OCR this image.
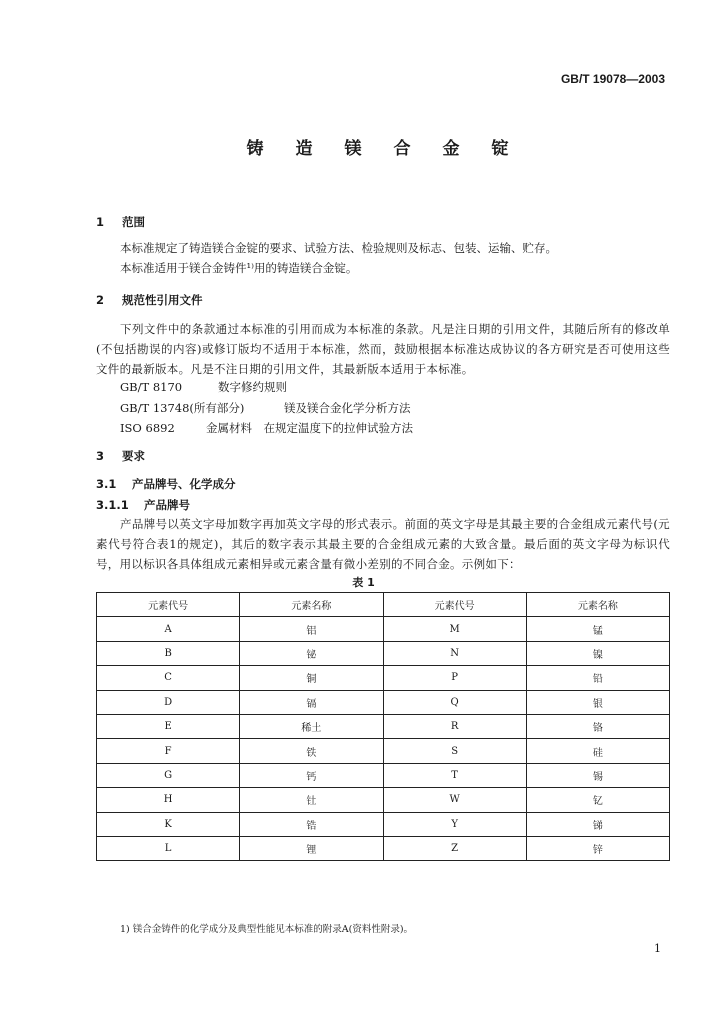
GB/T 19078—2003
铸造镁合金锭
1 范围
本标准规定了铸造镁合金锭的要求、试验方法、检验规则及标志、包装、运输、贮存。
本标准适用于镁合金铸件¹⁾用的铸造镁合金锭。
2 规范性引用文件
下列文件中的条款通过本标准的引用而成为本标准的条款。凡是注日期的引用文件，其随后所有的修改单(不包括勘误的内容)或修订版均不适用于本标准，然而，鼓励根据本标准达成协议的各方研究是否可使用这些文件的最新版本。凡是不注日期的引用文件，其最新版本适用于本标准。
GB/T 8170	数字修约规则
GB/T 13748(所有部分)	镁及镁合金化学分析方法
ISO 6892	金属材料　在规定温度下的拉伸试验方法
3 要求
3.1 产品牌号、化学成分
3.1.1 产品牌号
产品牌号以英文字母加数字再加英文字母的形式表示。前面的英文字母是其最主要的合金组成元素代号(元素代号符合表1的规定)，其后的数字表示其最主要的合金组成元素的大致含量。最后面的英文字母为标识代号，用以标识各具体组成元素相异或元素含量有微小差别的不同合金。示例如下：
表 1
元素代号	元素名称	元素代号	元素名称
A	铝	M	锰
B	铋	N	镍
C	铜	P	铅
D	镉	Q	银
E	稀土	R	铬
F	铁	S	硅
G	钙	T	锡
H	钍	W	钇
K	锆	Y	锑
L	锂	Z	锌
1) 镁合金铸件的化学成分及典型性能见本标准的附录A(资料性附录)。
1
